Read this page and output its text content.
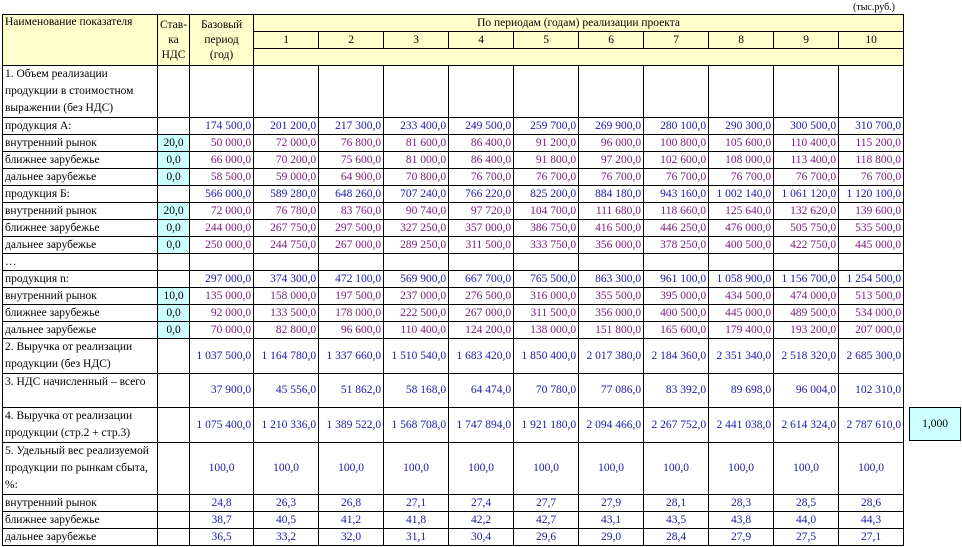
(тыс.руб.)
Наименование показателя	Став-ка НДС	Базовый период (год)	По периодам (годам) реализации проекта									
			1	2	3	4	5	6	7	8	9	10

1. Объем реализации продукции в стоимостном выражении (без НДС)												
продукция А:		174 500,0	201 200,0	217 300,0	233 400,0	249 500,0	259 700,0	269 900,0	280 100,0	290 300,0	300 500,0	310 700,0
внутренний рынок	20,0	50 000,0	72 000,0	76 800,0	81 600,0	86 400,0	91 200,0	96 000,0	100 800,0	105 600,0	110 400,0	115 200,0
ближнее зарубежье	0,0	66 000,0	70 200,0	75 600,0	81 000,0	86 400,0	91 800,0	97 200,0	102 600,0	108 000,0	113 400,0	118 800,0
дальнее зарубежье	0,0	58 500,0	59 000,0	64 900,0	70 800,0	76 700,0	76 700,0	76 700,0	76 700,0	76 700,0	76 700,0	76 700,0
продукция Б:		566 000,0	589 280,0	648 260,0	707 240,0	766 220,0	825 200,0	884 180,0	943 160,0	1 002 140,0	1 061 120,0	1 120 100,0
внутренний рынок	20,0	72 000,0	76 780,0	83 760,0	90 740,0	97 720,0	104 700,0	111 680,0	118 660,0	125 640,0	132 620,0	139 600,0
ближнее зарубежье	0,0	244 000,0	267 750,0	297 500,0	327 250,0	357 000,0	386 750,0	416 500,0	446 250,0	476 000,0	505 750,0	535 500,0
дальнее зарубежье	0,0	250 000,0	244 750,0	267 000,0	289 250,0	311 500,0	333 750,0	356 000,0	378 250,0	400 500,0	422 750,0	445 000,0
…												
продукция n:		297 000,0	374 300,0	472 100,0	569 900,0	667 700,0	765 500,0	863 300,0	961 100,0	1 058 900,0	1 156 700,0	1 254 500,0
внутренний рынок	10,0	135 000,0	158 000,0	197 500,0	237 000,0	276 500,0	316 000,0	355 500,0	395 000,0	434 500,0	474 000,0	513 500,0
ближнее зарубежье	0,0	92 000,0	133 500,0	178 000,0	222 500,0	267 000,0	311 500,0	356 000,0	400 500,0	445 000,0	489 500,0	534 000,0
дальнее зарубежье	0,0	70 000,0	82 800,0	96 600,0	110 400,0	124 200,0	138 000,0	151 800,0	165 600,0	179 400,0	193 200,0	207 000,0
2. Выручка от реализации продукции (без НДС)		1 037 500,0	1 164 780,0	1 337 660,0	1 510 540,0	1 683 420,0	1 850 400,0	2 017 380,0	2 184 360,0	2 351 340,0	2 518 320,0	2 685 300,0
3. НДС начисленный – всего		37 900,0	45 556,0	51 862,0	58 168,0	64 474,0	70 780,0	77 086,0	83 392,0	89 698,0	96 004,0	102 310,0
4. Выручка от реализации продукции (стр.2 + стр.3)		1 075 400,0	1 210 336,0	1 389 522,0	1 568 708,0	1 747 894,0	1 921 180,0	2 094 466,0	2 267 752,0	2 441 038,0	2 614 324,0	2 787 610,0
5. Удельный вес реализуемой продукции по рынкам сбыта, %:		100,0	100,0	100,0	100,0	100,0	100,0	100,0	100,0	100,0	100,0	100,0
внутренний рынок		24,8	26,3	26,8	27,1	27,4	27,7	27,9	28,1	28,3	28,5	28,6
ближнее зарубежье		38,7	40,5	41,2	41,8	42,2	42,7	43,1	43,5	43,8	44,0	44,3
дальнее зарубежье		36,5	33,2	32,0	31,1	30,4	29,6	29,0	28,4	27,9	27,5	27,1
1,000
